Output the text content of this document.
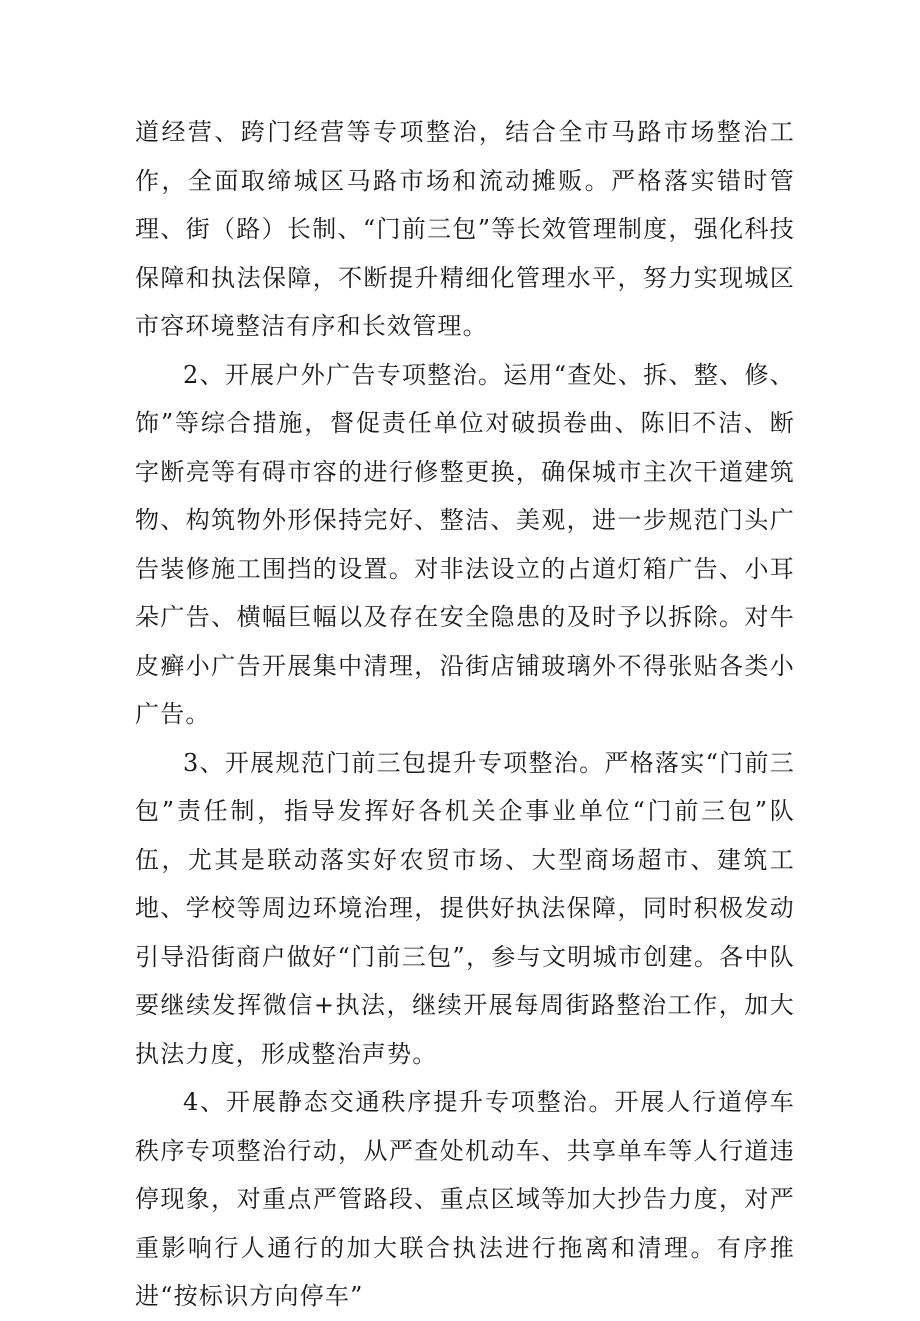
道经营、跨门经营等专项整治，结合全市马路市场整治工作，全面取缔城区马路市场和流动摊贩。严格落实错时管理、街（路）长制、“门前三包”等长效管理制度，强化科技保障和执法保障，不断提升精细化管理水平，努力实现城区市容环境整洁有序和长效管理。

2、开展户外广告专项整治。运用“查处、拆、整、修、饰”等综合措施，督促责任单位对破损卷曲、陈旧不洁、断字断亮等有碍市容的进行修整更换，确保城市主次干道建筑物、构筑物外形保持完好、整洁、美观，进一步规范门头广告装修施工围挡的设置。对非法设立的占道灯箱广告、小耳朵广告、横幅巨幅以及存在安全隐患的及时予以拆除。对牛皮癣小广告开展集中清理，沿街店铺玻璃外不得张贴各类小广告。

3、开展规范门前三包提升专项整治。严格落实“门前三包”责任制，指导发挥好各机关企事业单位“门前三包”队伍，尤其是联动落实好农贸市场、大型商场超市、建筑工地、学校等周边环境治理，提供好执法保障，同时积极发动引导沿街商户做好“门前三包”，参与文明城市创建。各中队要继续发挥微信+执法，继续开展每周街路整治工作，加大执法力度，形成整治声势。

4、开展静态交通秩序提升专项整治。开展人行道停车秩序专项整治行动，从严查处机动车、共享单车等人行道违停现象，对重点严管路段、重点区域等加大抄告力度，对严重影响行人通行的加大联合执法进行拖离和清理。有序推进“按标识方向停车”
